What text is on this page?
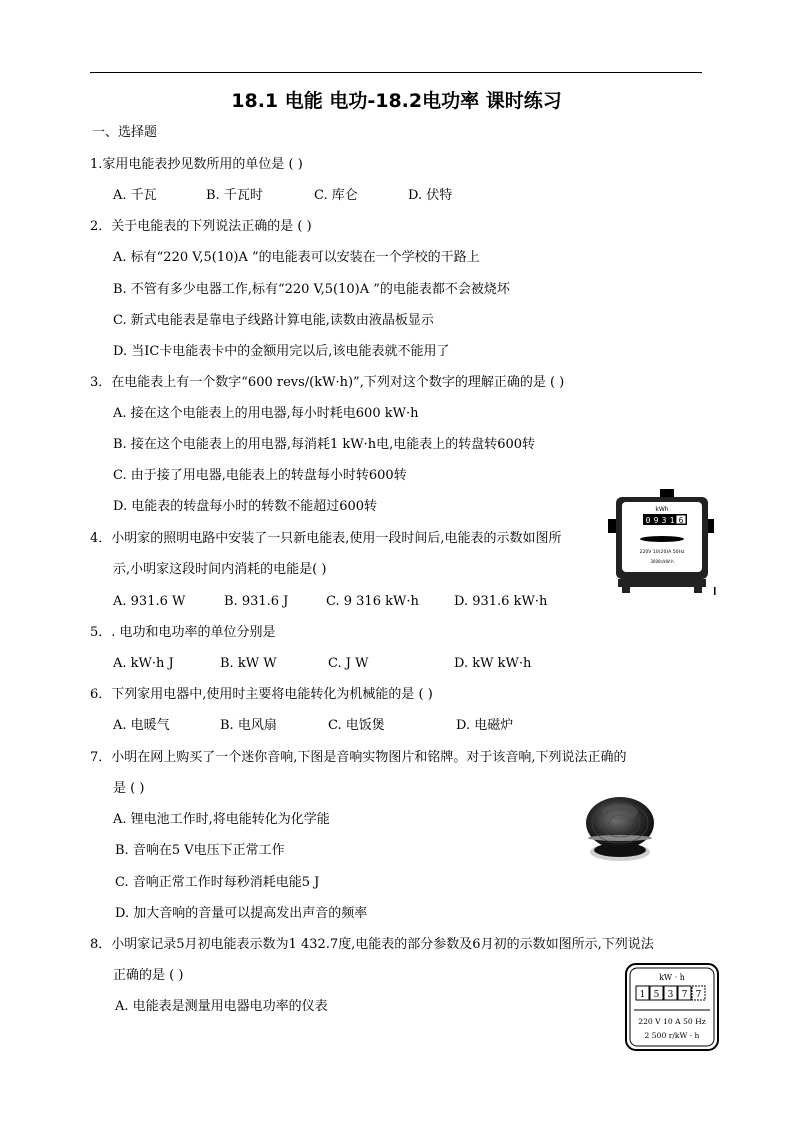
18.1 电能 电功-18.2电功率 课时练习
一、选择题
1.家用电能表抄见数所用的单位是 ( )
A. 千瓦	B. 千瓦时	C. 库仑	D. 伏特
2．关于电能表的下列说法正确的是 ( )
A. 标有“220 V,5(10)A ”的电能表可以安装在一个学校的干路上
B. 不管有多少电器工作,标有“220 V,5(10)A ”的电能表都不会被烧坏
C. 新式电能表是靠电子线路计算电能,读数由液晶板显示
D. 当IC卡电能表卡中的金额用完以后,该电能表就不能用了
3．在电能表上有一个数字“600 revs/(kW·h)”,下列对这个数字的理解正确的是 ( )
A. 接在这个电能表上的用电器,每小时耗电600 kW·h
B. 接在这个电能表上的用电器,每消耗1 kW·h电,电能表上的转盘转600转
C. 由于接了用电器,电能表上的转盘每小时转600转
D. 电能表的转盘每小时的转数不能超过600转
4．小明家的照明电路中安装了一只新电能表,使用一段时间后,电能表的示数如图所
示,小明家这段时间内消耗的电能是( )
A. 931.6 W	B. 931.6 J	C. 9 316 kW·h	D. 931.6 kW·h
kWh
0 9 3 1 6
220V 10(20)A 50Hz
3000r/kW·h
5．. 电功和电功率的单位分别是
A. kW·h J	B. kW W	C. J W	D. kW kW·h
6．下列家用电器中,使用时主要将电能转化为机械能的是 ( )
A. 电暖气	B. 电风扇	C. 电饭煲	D. 电磁炉
7．小明在网上购买了一个迷你音响,下图是音响实物图片和铭牌。对于该音响,下列说法正确的
是 ( )
A. 锂电池工作时,将电能转化为化学能
B. 音响在5 V电压下正常工作
C. 音响正常工作时每秒消耗电能5 J
D. 加大音响的音量可以提高发出声音的频率
8．小明家记录5月初电能表示数为1 432.7度,电能表的部分参数及6月初的示数如图所示,下列说法
正确的是 ( )
A. 电能表是测量用电器电功率的仪表
kW · h
1 5 3 7 7
220 V 10 A 50 Hz
2 500 r/kW · h
